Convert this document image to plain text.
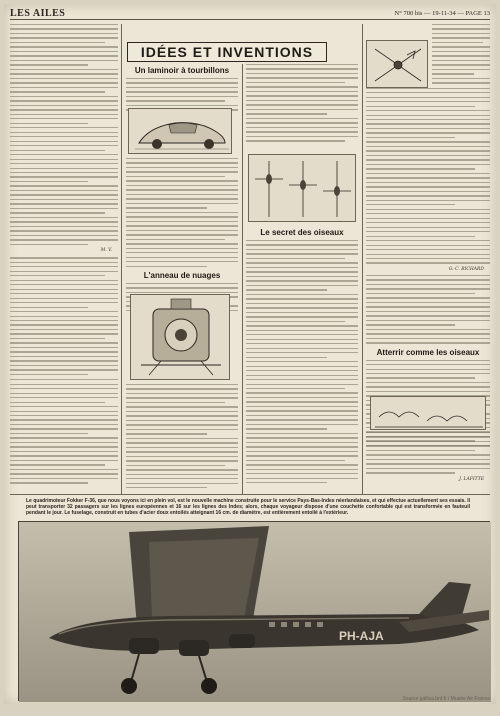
LES AILES	N° 700 bis — 19-11-34 — PAGE 13
M. V.
IDÉES ET INVENTIONS
Un laminoir à tourbillons
L'anneau de nuages
Le secret des oiseaux
G.-C. RICHARD
Atterrir comme les oiseaux
J. LAFITTE
Le quadrimoteur Fokker F-36, que nous voyons ici en plein vol, est le nouvelle machine construite pour le service Pays-Bas-Indes néerlandaises, et qui effectue actuellement ses essais. Il peut transporter 32 passagers sur les lignes européennes et 16 sur les lignes des Indes; alors, chaque voyageur dispose d'une couchette confortable qui est transformée en fauteuil pendant le jour. Le fuselage, construit en tubes d'acier doux entoilés atteignant 16 cm. de diamètre, est entièrement entoilé à l'extérieur.
PH-AJA
Source gallica.bnf.fr / Musée Air France
